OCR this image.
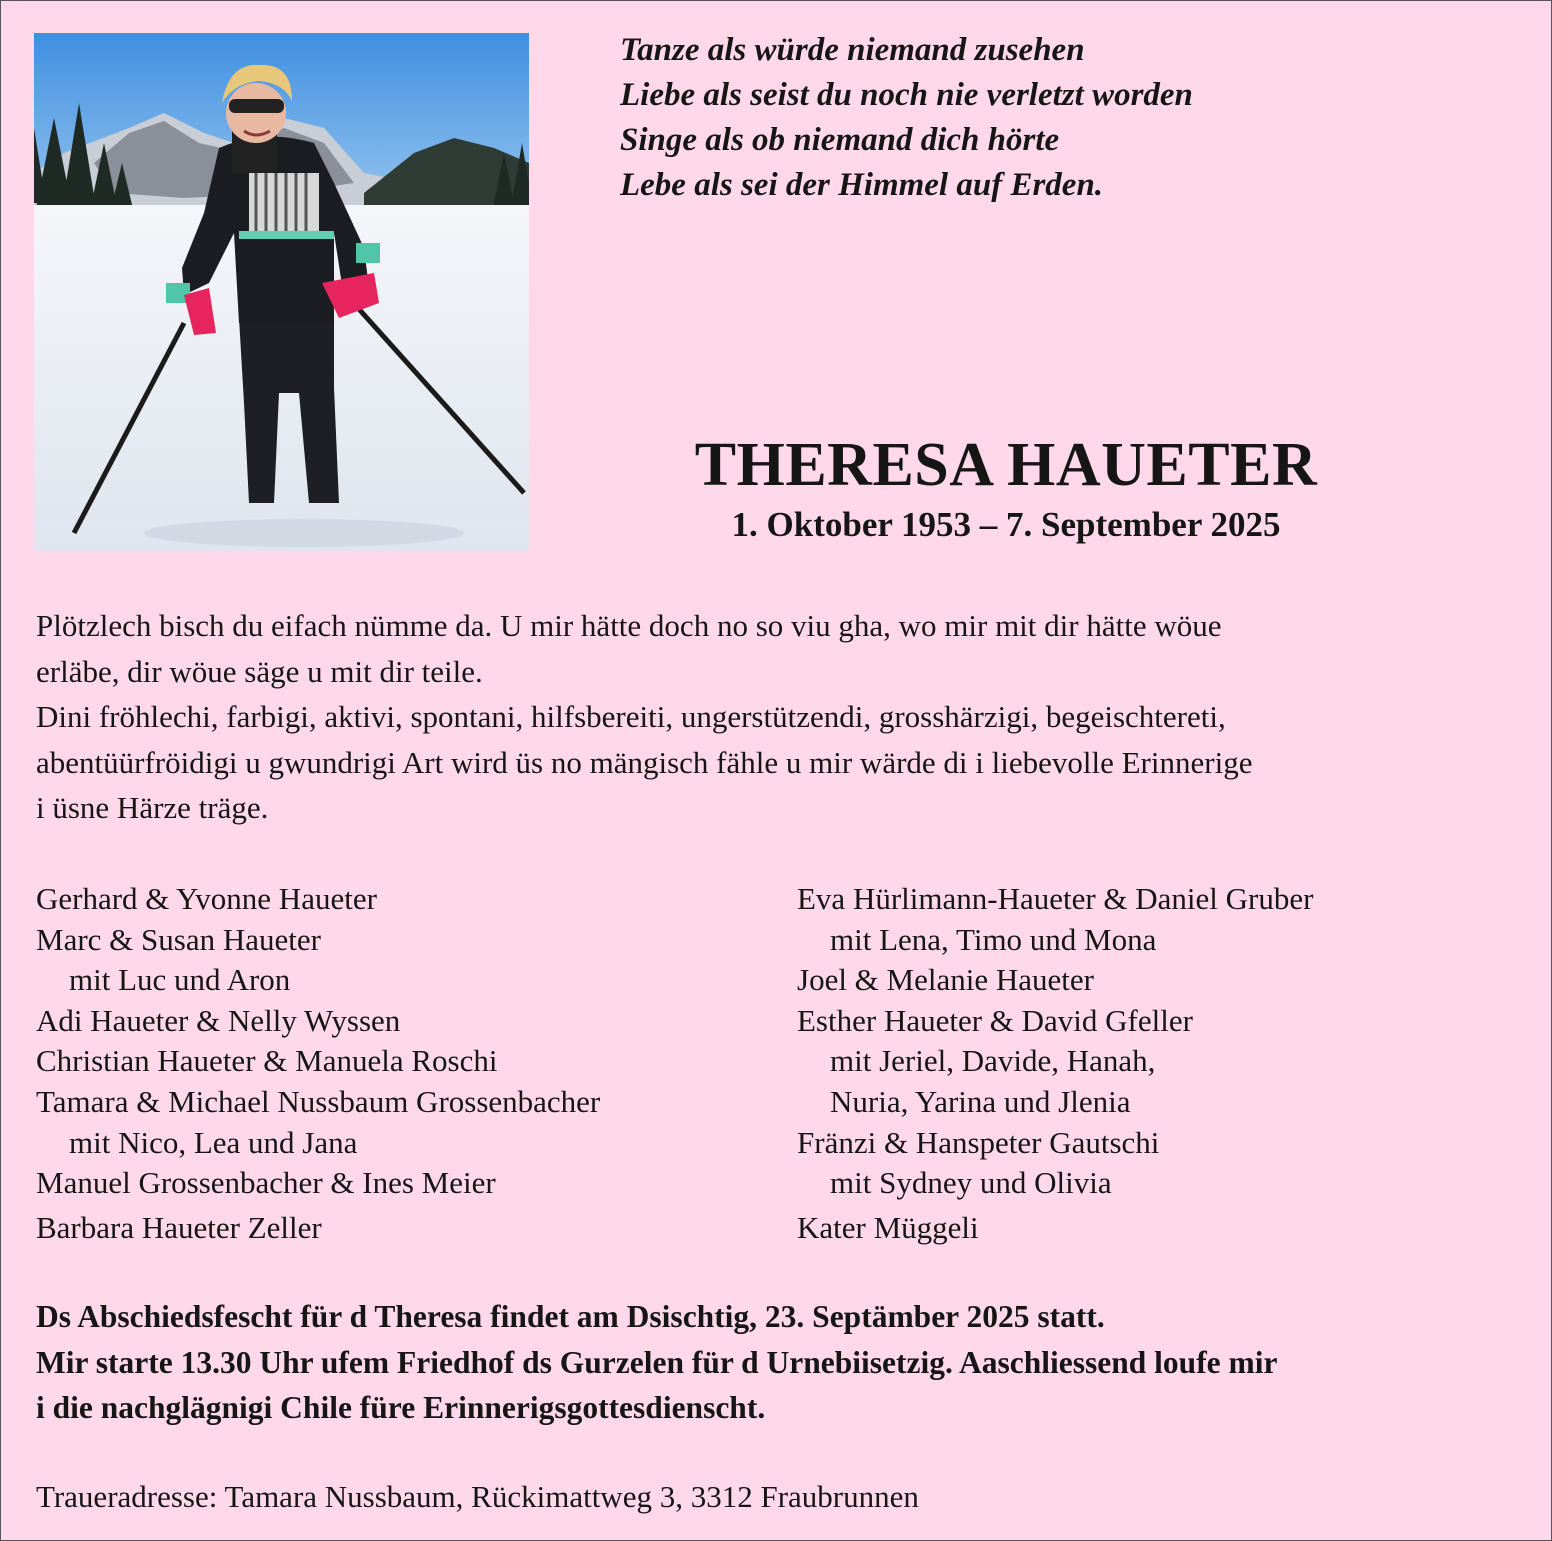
Tanze als würde niemand zusehen
Liebe als seist du noch nie verletzt worden
Singe als ob niemand dich hörte
Lebe als sei der Himmel auf Erden.
THERESA HAUETER
1. Oktober 1953 – 7. September 2025
Plötzlech bisch du eifach nümme da. U mir hätte doch no so viu gha, wo mir mit dir hätte wöue
erläbe, dir wöue säge u mit dir teile.
Dini fröhlechi, farbigi, aktivi, spontani, hilfsbereiti, ungerstützendi, grosshärzigi, begeischtereti,
abentüürfröidigi u gwundrigi Art wird üs no mängisch fähle u mir wärde di i liebevolle Erinnerige
i üsne Härze träge.
Gerhard & Yvonne Haueter
Marc & Susan Haueter
mit Luc und Aron
Adi Haueter & Nelly Wyssen
Christian Haueter & Manuela Roschi
Tamara & Michael Nussbaum Grossenbacher
mit Nico, Lea und Jana
Manuel Grossenbacher & Ines Meier
Barbara Haueter Zeller
Eva Hürlimann-Haueter & Daniel Gruber
mit Lena, Timo und Mona
Joel & Melanie Haueter
Esther Haueter & David Gfeller
mit Jeriel, Davide, Hanah,
Nuria, Yarina und Jlenia
Fränzi & Hanspeter Gautschi
mit Sydney und Olivia
Kater Müggeli
Ds Abschiedsfescht für d Theresa findet am Dsischtig, 23. Septämber 2025 statt.
Mir starte 13.30 Uhr ufem Friedhof ds Gurzelen für d Urnebiisetzig. Aaschliessend loufe mir
i die nachglägnigi Chile füre Erinnerigsgottesdienscht.
Traueradresse: Tamara Nussbaum, Rückimattweg 3, 3312 Fraubrunnen
